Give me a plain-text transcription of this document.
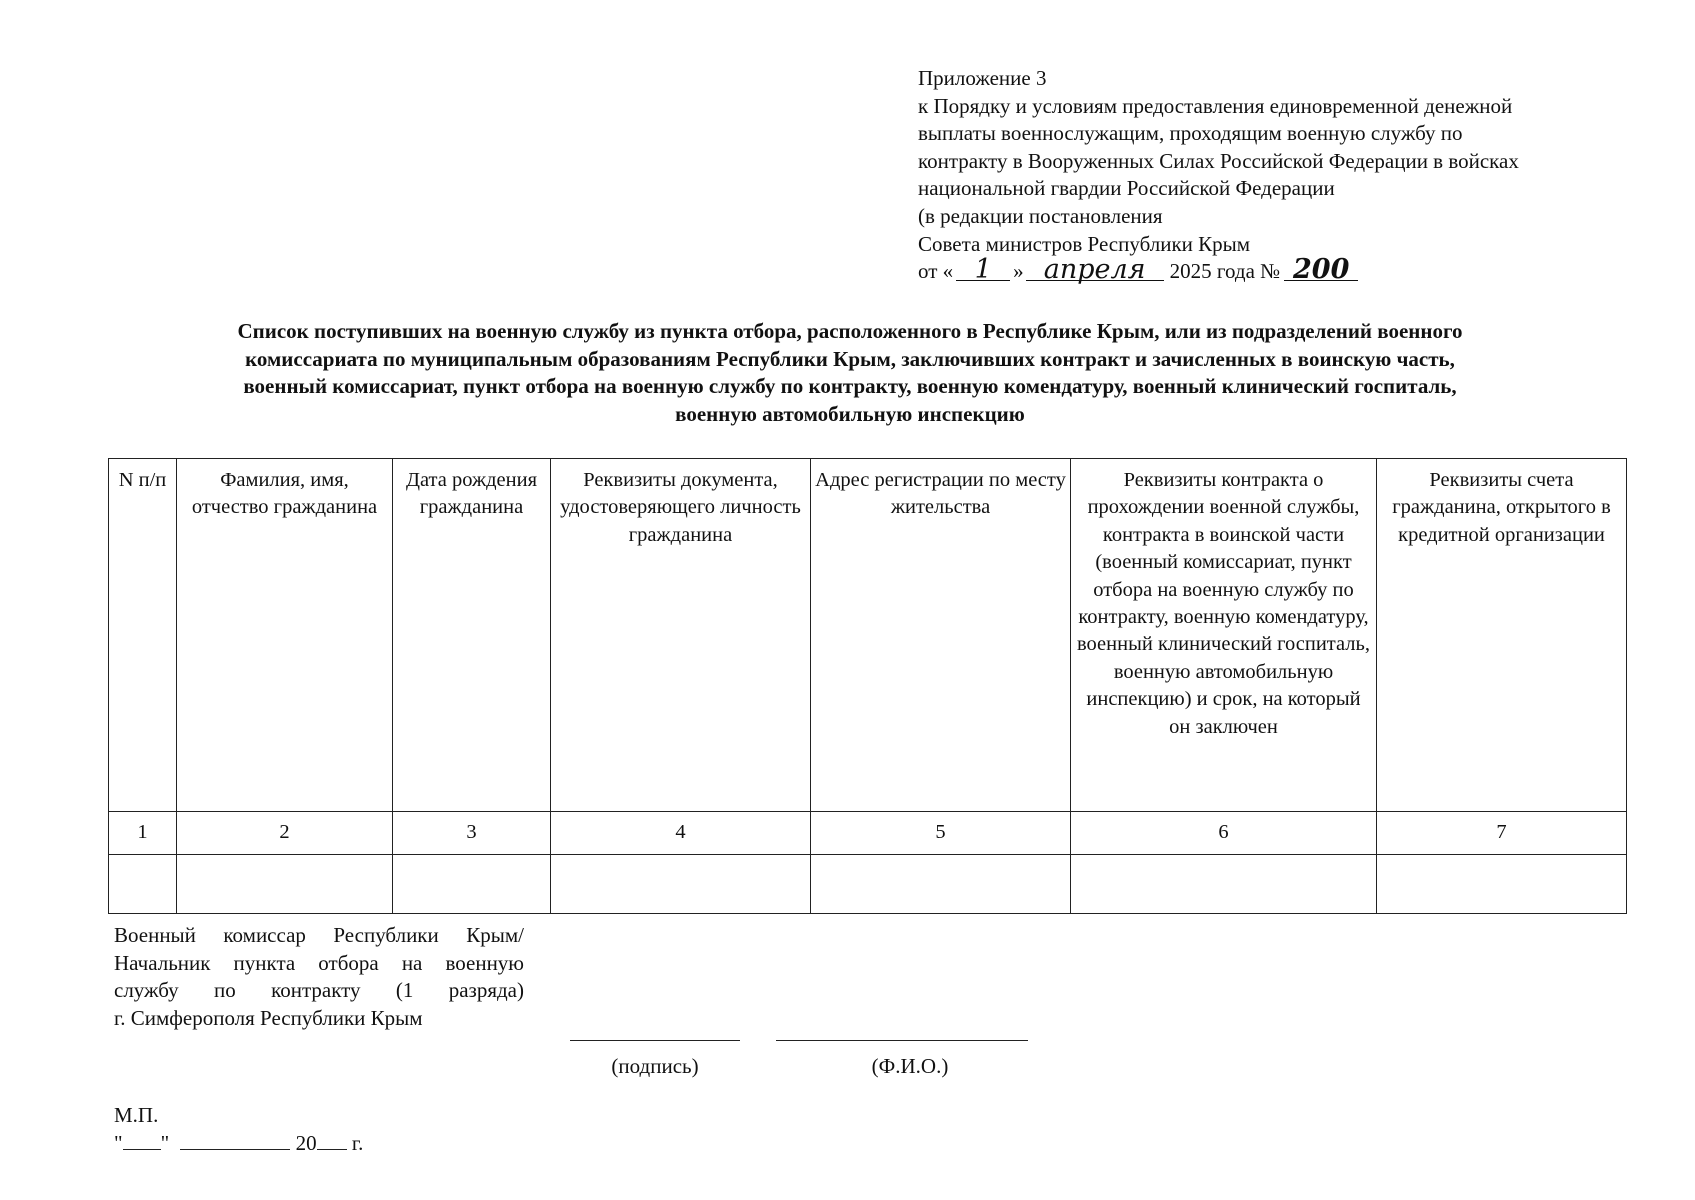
Приложение 3
к Порядку и условиям предоставления единовременной денежной
выплаты военнослужащим, проходящим военную службу по
контракту в Вооруженных Силах Российской Федерации в войсках
национальной гвардии Российской Федерации
(в редакции постановления
Совета министров Республики Крым
от « 1	» апреля	2025 года № 200
Список поступивших на военную службу из пункта отбора, расположенного в Республике Крым, или из подразделений военного
комиссариата по муниципальным образованиям Республики Крым, заключивших контракт и зачисленных в воинскую часть,
военный комиссариат, пункт отбора на военную службу по контракту, военную комендатуру, военный клинический госпиталь,
военную автомобильную инспекцию
N п/п	Фамилия, имя, отчество гражданина	Дата рождения гражданина	Реквизиты документа, удостоверяющего личность гражданина	Адрес регистрации по месту жительства	Реквизиты контракта о прохождении военной службы, контракта в воинской части (военный комиссариат, пункт отбора на военную службу по контракту, военную комендатуру, военный клинический госпиталь, военную автомобильную инспекцию) и срок, на который он заключен	Реквизиты счета гражданина, открытого в кредитной организации
1	2	3	4	5	6	7

Военный комиссар Республики Крым/
Начальник пункта отбора на военную
службу по контракту (1 разряда)
г. Симферополя Республики Крым
(подпись)	(Ф.И.О.)
М.П.
" "	20 г.
